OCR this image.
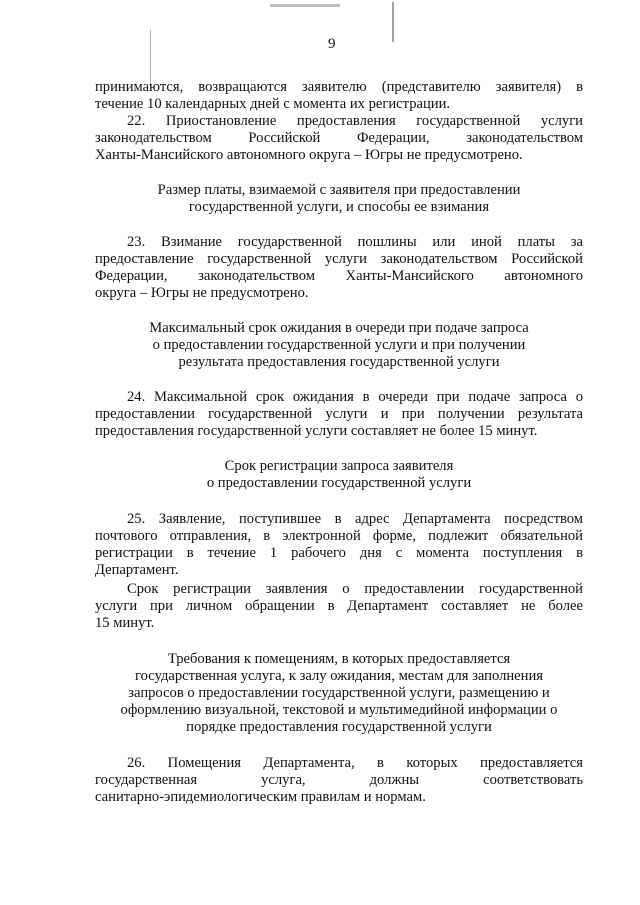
9
принимаются, возвращаются заявителю (представителю заявителя) в
течение 10 календарных дней с момента их регистрации.
22. Приостановление предоставления государственной услуги
законодательством Российской Федерации, законодательством
Ханты-Мансийского автономного округа – Югры не предусмотрено.
Размер платы, взимаемой с заявителя при предоставлении
государственной услуги, и способы ее взимания
23. Взимание государственной пошлины или иной платы за
предоставление государственной услуги законодательством Российской
Федерации, законодательством Ханты-Мансийского автономного
округа – Югры не предусмотрено.
Максимальный срок ожидания в очереди при подаче запроса
о предоставлении государственной услуги и при получении
результата предоставления государственной услуги
24. Максимальной срок ожидания в очереди при подаче запроса о
предоставлении государственной услуги и при получении результата
предоставления государственной услуги составляет не более 15 минут.
Срок регистрации запроса заявителя
о предоставлении государственной услуги
25. Заявление, поступившее в адрес Департамента посредством
почтового отправления, в электронной форме, подлежит обязательной
регистрации в течение 1 рабочего дня с момента поступления в
Департамент.
Срок регистрации заявления о предоставлении государственной
услуги при личном обращении в Департамент составляет не более
15 минут.
Требования к помещениям, в которых предоставляется
государственная услуга, к залу ожидания, местам для заполнения
запросов о предоставлении государственной услуги, размещению и
оформлению визуальной, текстовой и мультимедийной информации о
порядке предоставления государственной услуги
26. Помещения Департамента, в которых предоставляется
государственная услуга, должны соответствовать
санитарно-эпидемиологическим правилам и нормам.
